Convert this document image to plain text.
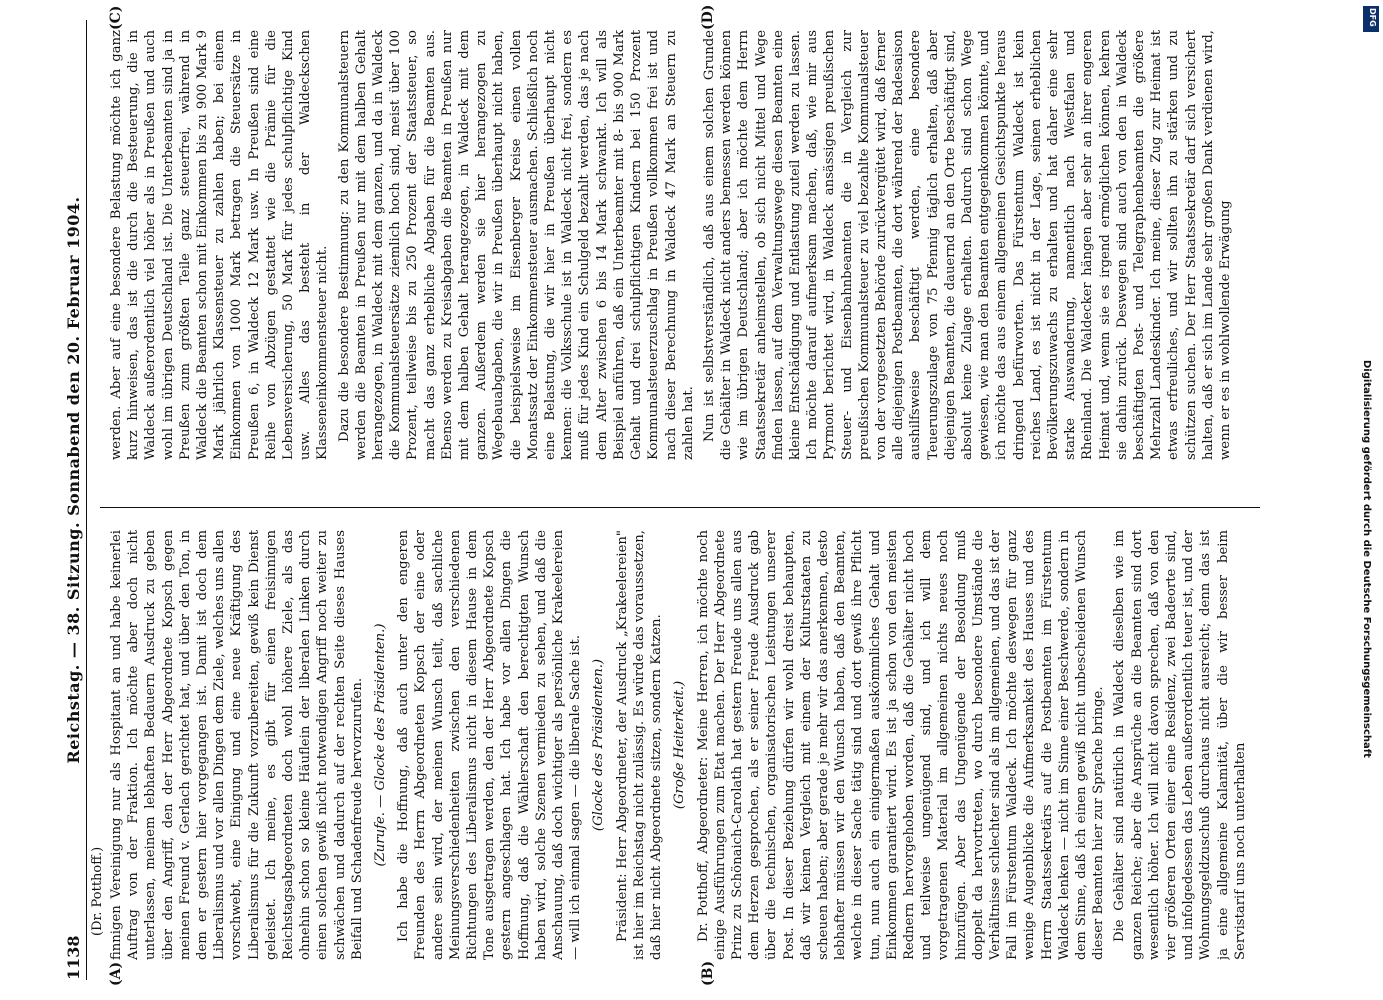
1138
Reichstag. — 38. Sitzung. Sonnabend den 20. Februar 1904.
(Dr. Potthoff.)
(A)	(B)
(C)	(D)

finnigen Vereinigung nur als Hospitant an und habe keinerlei Auftrag von der Fraktion. Ich möchte aber doch nicht unterlassen, meinem lebhaften Bedauern Ausdruck zu geben über den Angriff, den der Herr Abgeordnete Kopsch gegen meinen Freund v. Gerlach gerichtet hat, und über den Ton, in dem er gestern hier vorgegangen ist. Damit ist doch dem Liberalismus und vor allen Dingen dem Ziele, welches uns allen vorschwebt, eine Einigung und eine neue Kräftigung des Liberalismus für die Zukunft vorzubereiten, gewiß kein Dienst geleistet. Ich meine, es gibt für einen freisinnigen Reichstagsabgeordneten doch wohl höhere Ziele, als das ohnehin schon so kleine Häuflein der liberalen Linken durch einen solchen gewiß nicht notwendigen Angriff noch weiter zu schwächen und dadurch auf der rechten Seite dieses Hauses Beifall und Schadenfreude hervorzurufen. (Zurufe. — Glocke des Präsidenten.) Ich habe die Hoffnung, daß auch unter den engeren Freunden des Herrn Abgeordneten Kopsch der eine oder andere sein wird, der meinen Wunsch teilt, daß sachliche Meinungsverschiedenheiten zwischen den verschiedenen Richtungen des Liberalismus nicht in diesem Hause in dem Tone ausgetragen werden, den der Herr Abgeordnete Kopsch gestern angeschlagen hat. Ich habe vor allen Dingen die Hoffnung, daß die Wählerschaft den berechtigten Wunsch haben wird, solche Szenen vermieden zu sehen, und daß die Anschauung, daß doch wichtiger als persönliche Krakeelereien — will ich einmal sagen — die liberale Sache ist. (Glocke des Präsidenten.) Präsident: Herr Abgeordneter, der Ausdruck „Krakeelereien" ist hier im Reichstag nicht zulässig. Es würde das voraussetzen, daß hier nicht Abgeordnete sitzen, sondern Katzen. (Große Heiterkeit.) Dr. Potthoff, Abgeordneter: Meine Herren, ich möchte noch einige Ausführungen zum Etat machen. Der Herr Abgeordnete Prinz zu Schönaich-Carolath hat gestern Freude uns allen aus dem Herzen gesprochen, als er seiner Freude Ausdruck gab über die technischen, organisatorischen Leistungen unserer Post. In dieser Beziehung dürfen wir wohl dreist behaupten, daß wir keinen Vergleich mit einem der Kulturstaaten zu scheuen haben; aber gerade je mehr wir das anerkennen, desto lebhafter müssen wir den Wunsch haben, daß den Beamten, welche in dieser Sache tätig sind und dort gewiß ihre Pflicht tun, nun auch ein einigermaßen auskömmliches Gehalt und Einkommen garantiert wird. Es ist ja schon von den meisten Rednern hervorgehoben worden, daß die Gehälter nicht hoch und teilweise ungenügend sind, und ich will dem vorgetragenen Material im allgemeinen nichts neues noch hinzufügen. Aber das Ungenügende der Besoldung muß doppelt da hervortreten, wo durch besondere Umstände die Verhältnisse schlechter sind als im allgemeinen, und das ist der Fall im Fürstentum Waldeck. Ich möchte deswegen für ganz wenige Augenblicke die Aufmerksamkeit des Hauses und des Herrn Staatssekretärs auf die Postbeamten im Fürstentum Waldeck lenken — nicht im Sinne einer Beschwerde, sondern in dem Sinne, daß ich einen gewiß nicht unbescheidenen Wunsch dieser Beamten hier zur Sprache bringe. Die Gehälter sind natürlich in Waldeck dieselben wie im ganzen Reiche; aber die Ansprüche an die Beamten sind dort wesentlich höher. Ich will nicht davon sprechen, daß von den vier größeren Orten einer eine Residenz, zwei Badeorte sind, und infolgedessen das Leben außerordentlich teuer ist, und der Wohnungsgeldzuschuß durchaus nicht ausreicht; denn das ist ja eine allgemeine Kalamität, über die wir besser beim Servistarif uns noch unterhalten

werden. Aber auf eine besondere Belastung möchte ich ganz kurz hinweisen, das ist die durch die Besteuerung, die in Waldeck außerordentlich viel höher als in Preußen und auch wohl im übrigen Deutschland ist. Die Unterbeamten sind ja in Preußen zum größten Teile ganz steuerfrei, während in Waldeck die Beamten schon mit Einkommen bis zu 900 Mark 9 Mark jährlich Klassensteuer zu zahlen haben; bei einem Einkommen von 1000 Mark betragen die Steuersätze in Preußen 6, in Waldeck 12 Mark usw. In Preußen sind eine Reihe von Abzügen gestattet wie die Prämie für die Lebensversicherung, 50 Mark für jedes schulpflichtige Kind usw. Alles das besteht in der Waldeckschen Klasseneinkommensteuer nicht. Dazu die besondere Bestimmung: zu den Kommunalsteuern werden die Beamten in Preußen nur mit dem halben Gehalt herangezogen, in Waldeck mit dem ganzen, und da in Waldeck die Kommunalsteuersätze ziemlich hoch sind, meist über 100 Prozent, teilweise bis zu 250 Prozent der Staatssteuer, so macht das ganz erhebliche Abgaben für die Beamten aus. Ebenso werden zu Kreisabgaben die Beamten in Preußen nur mit dem halben Gehalt herangezogen, in Waldeck mit dem ganzen. Außerdem werden sie hier herangezogen zu Wegebauabgaben, die wir in Preußen überhaupt nicht haben, die beispielsweise im Eisenberger Kreise einen vollen Monatssatz der Einkommensteuer ausmachen. Schließlich noch eine Belastung, die wir hier in Preußen überhaupt nicht kennen: die Volksschule ist in Waldeck nicht frei, sondern es muß für jedes Kind ein Schulgeld bezahlt werden, das je nach dem Alter zwischen 6 bis 14 Mark schwankt. Ich will als Beispiel anführen, daß ein Unterbeamter mit 8- bis 900 Mark Gehalt und drei schulpflichtigen Kindern bei 150 Prozent Kommunalsteuerzuschlag in Preußen vollkommen frei ist und nach dieser Berechnung in Waldeck 47 Mark an Steuern zu zahlen hat. Nun ist selbstverständlich, daß aus einem solchen Grunde die Gehälter in Waldeck nicht anders bemessen werden können wie im übrigen Deutschland; aber ich möchte dem Herrn Staatssekretär anheimstellen, ob sich nicht Mittel und Wege finden lassen, auf dem Verwaltungswege diesen Beamten eine kleine Entschädigung und Entlastung zuteil werden zu lassen. Ich möchte darauf aufmerksam machen, daß, wie mir aus Pyrmont berichtet wird, in Waldeck ansässigen preußischen Steuer- und Eisenbahnbeamten die in Vergleich zur preußischen Kommunalsteuer zu viel bezahlte Kommunalsteuer von der vorgesetzten Behörde zurückvergütet wird, daß ferner alle diejenigen Postbeamten, die dort während der Badesaison aushilfsweise beschäftigt werden, eine besondere Teuerungszulage von 75 Pfennig täglich erhalten, daß aber diejenigen Beamten, die dauernd an den Orte beschäftigt sind, absolut keine Zulage erhalten. Dadurch sind schon Wege gewiesen, wie man den Beamten entgegenkommen könnte, und ich möchte das aus einem allgemeinen Gesichtspunkte heraus dringend befürworten. Das Fürstentum Waldeck ist kein reiches Land, es ist nicht in der Lage, seinen erheblichen Bevölkerungszuwachs zu erhalten und hat daher eine sehr starke Auswanderung, namentlich nach Westfalen und Rheinland. Die Waldecker hängen aber sehr an ihrer engeren Heimat und, wenn sie es irgend ermöglichen können, kehren sie dahin zurück. Deswegen sind auch von den in Waldeck beschäftigten Post- und Telegraphenbeamten die größere Mehrzahl Landeskinder. Ich meine, dieser Zug zur Heimat ist etwas erfreuliches, und wir sollten ihn zu stärken und zu schützen suchen. Der Herr Staatssekretär darf sich versichert halten, daß er sich im Lande sehr großen Dank verdienen wird, wenn er es in wohlwollende Erwägung

Digitalisierung gefördert durch die Deutsche Forschungsgemeinschaft
DFG
